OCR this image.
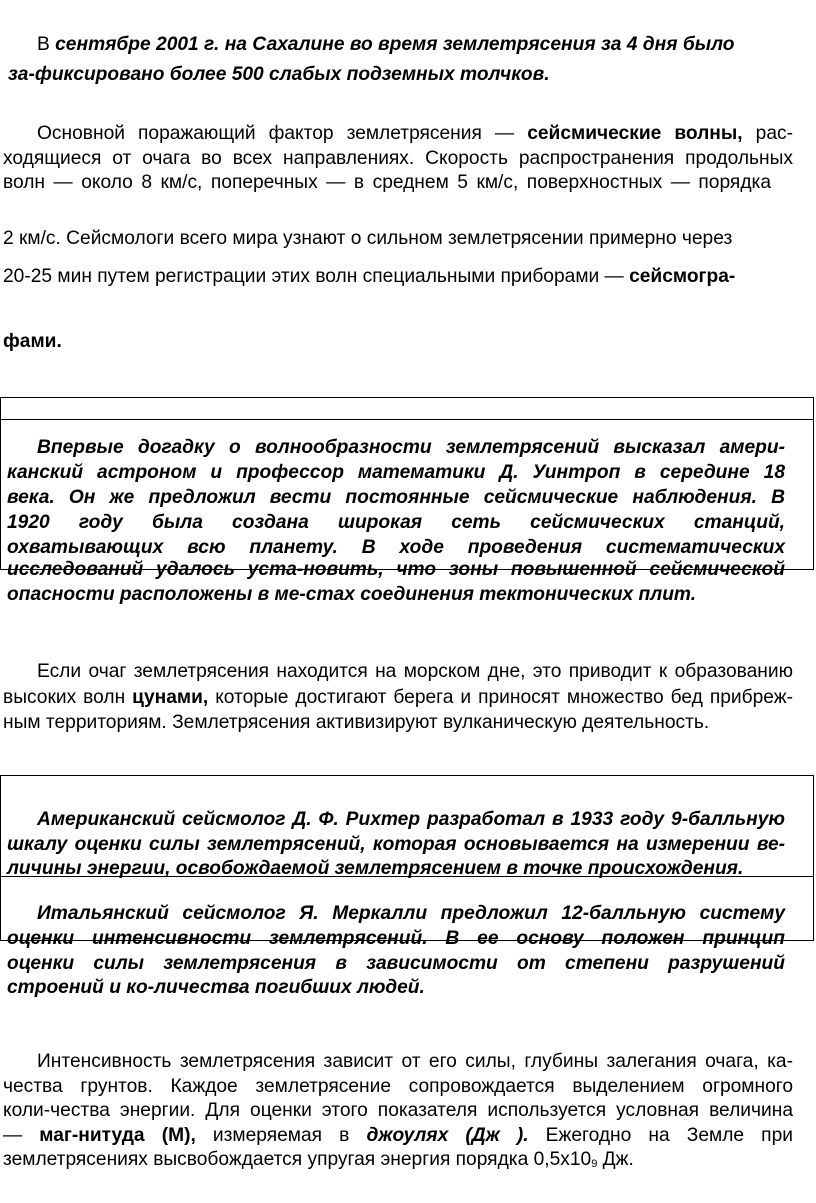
В сентябре 2001 г. на Сахалине во время землетрясения за 4 дня было
за-фиксировано более 500 слабых подземных толчков.
Основной поражающий фактор землетрясения — сейсмические волны, рас-
ходящиеся от очага во всех направлениях. Скорость распространения продольных
волн — около 8 км/с, поперечных — в среднем 5 км/с, поверхностных — порядка
2 км/с. Сейсмологи всего мира узнают о сильном землетрясении примерно через
20-25 мин путем регистрации этих волн специальными приборами — сейсмогра-
фами.
Впервые догадку о волнообразности землетрясений высказал амери-
канский астроном и профессор математики Д. Уинтроп в середине 18
века. Он же предложил вести постоянные сейсмические наблюдения. В
1920 году была создана широкая сеть сейсмических станций,
охватывающих всю планету. В ходе проведения систематических
исследований удалось уста-новить, что зоны повышенной сейсмической
опасности расположены в ме-стах соединения тектонических плит.
Если очаг землетрясения находится на морском дне, это приводит к образованию
высоких волн цунами, которые достигают берега и приносят множество бед прибреж-
ным территориям. Землетрясения активизируют вулканическую деятельность.
Американский сейсмолог Д. Ф. Рихтер разработал в 1933 году 9-балльную
шкалу оценки силы землетрясений, которая основывается на измерении ве-
личины энергии, освобождаемой землетрясением в точке происхождения.
Итальянский сейсмолог Я. Меркалли предложил 12-балльную систему
оценки интенсивности землетрясений. В ее основу положен принцип
оценки силы землетрясения в зависимости от степени разрушений
строений и ко-личества погибших людей.
Интенсивность землетрясения зависит от его силы, глубины залегания очага, ка-
чества грунтов. Каждое землетрясение сопровождается выделением огромного
коли-чества энергии. Для оценки этого показателя используется условная величина
— маг-нитуда (М), измеряемая в джоулях (Дж ). Ежегодно на Земле при
землетрясениях высвобождается упругая энергия порядка $0,5х10_9$ Дж.
